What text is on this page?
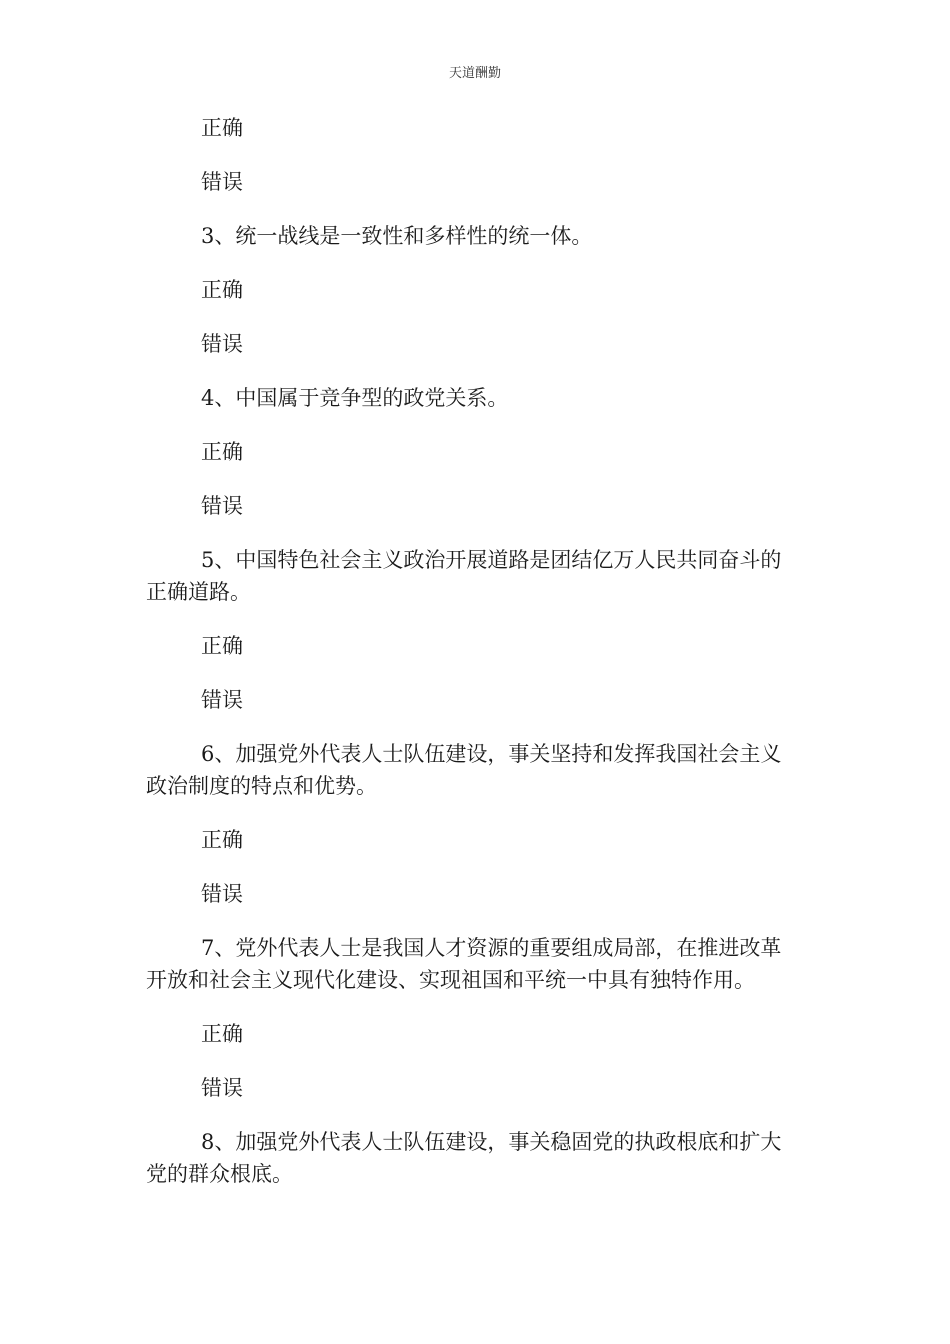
天道酬勤
正确
错误
3、统一战线是一致性和多样性的统一体。
正确
错误
4、中国属于竞争型的政党关系。
正确
错误
5、中国特色社会主义政治开展道路是团结亿万人民共同奋斗的
正确道路。
正确
错误
6、加强党外代表人士队伍建设，事关坚持和发挥我国社会主义
政治制度的特点和优势。
正确
错误
7、党外代表人士是我国人才资源的重要组成局部，在推进改革
开放和社会主义现代化建设、实现祖国和平统一中具有独特作用。
正确
错误
8、加强党外代表人士队伍建设，事关稳固党的执政根底和扩大
党的群众根底。
